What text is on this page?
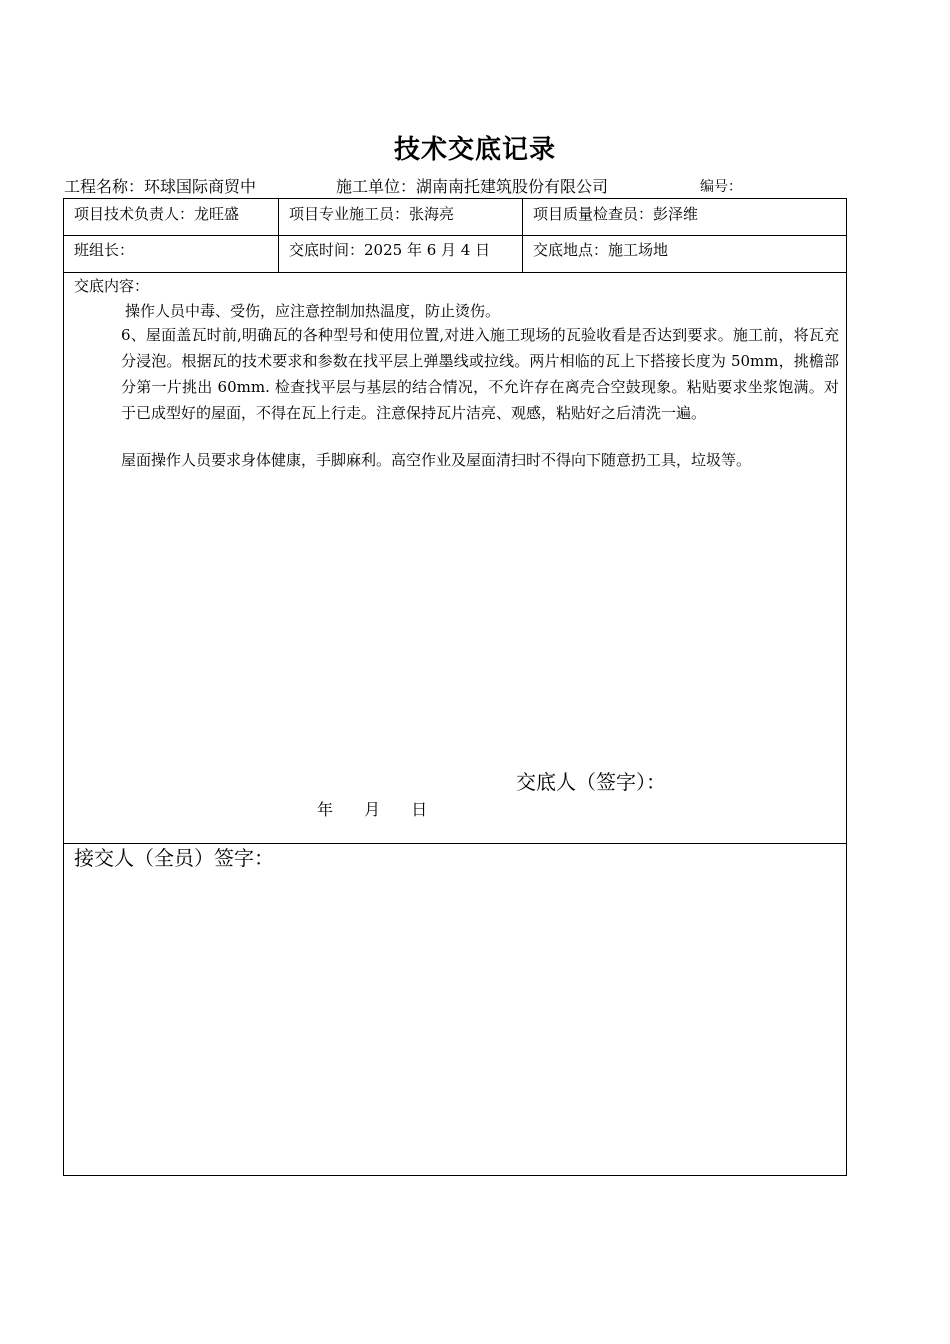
技术交底记录
工程名称：环球国际商贸中	施工单位：湖南南托建筑股份有限公司	编号：
项目技术负责人：龙旺盛	项目专业施工员：张海亮	项目质量检查员：彭泽维
班组长：	交底时间：2025 年 6 月 4 日	交底地点：施工场地
交底内容：
操作人员中毒、受伤，应注意控制加热温度，防止烫伤。
6、屋面盖瓦时前,明确瓦的各种型号和使用位置,对进入施工现场的瓦验收看是否达到要求。施工前，将瓦充分浸泡。根据瓦的技术要求和参数在找平层上弹墨线或拉线。两片相临的瓦上下搭接长度为 50mm，挑檐部分第一片挑出 60mm. 检查找平层与基层的结合情况，不允许存在离壳合空鼓现象。粘贴要求坐浆饱满。对于已成型好的屋面，不得在瓦上行走。注意保持瓦片洁亮、观感，粘贴好之后清洗一遍。
屋面操作人员要求身体健康，手脚麻利。高空作业及屋面清扫时不得向下随意扔工具，垃圾等。
交底人（签字）：
年 月 日
接交人（全员）签字：
